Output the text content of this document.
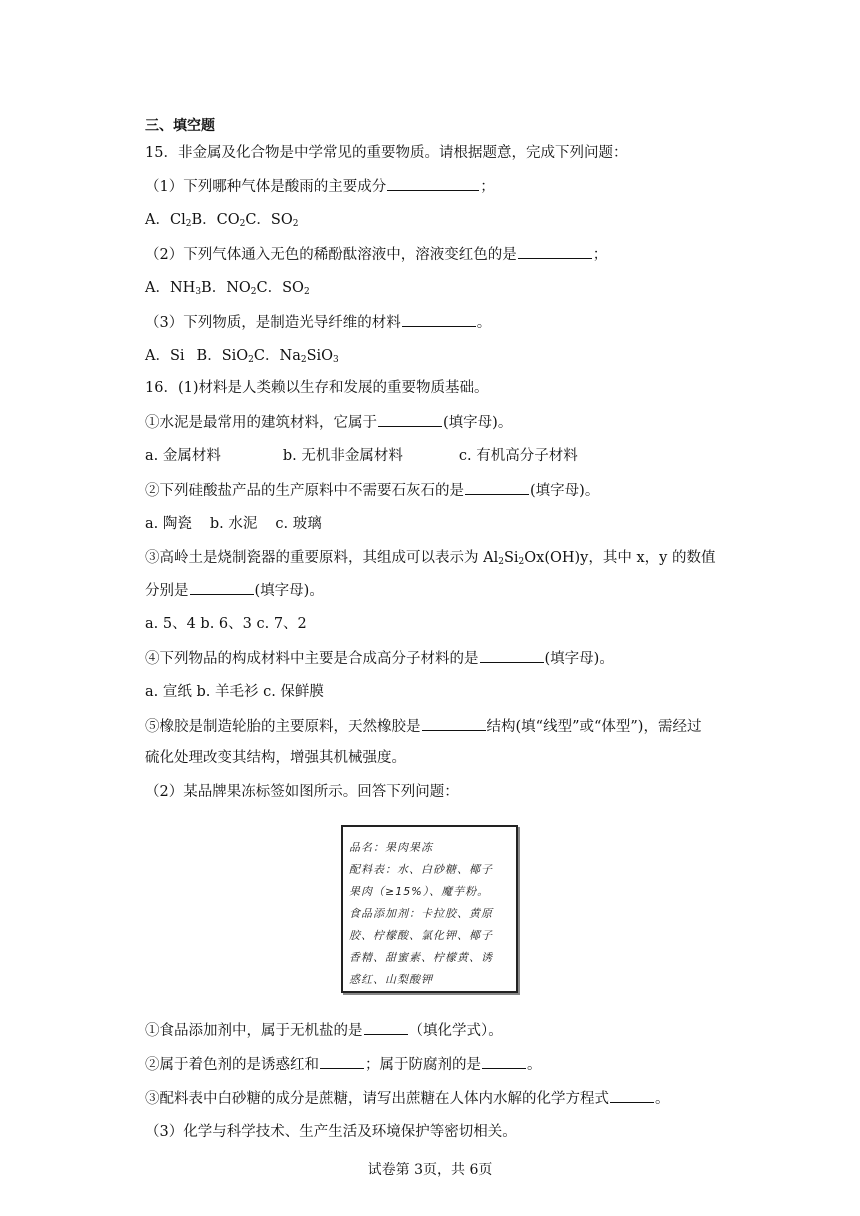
三、填空题
15．非金属及化合物是中学常见的重要物质。请根据题意，完成下列问题：
（1）下列哪种气体是酸雨的主要成分	；
A．$Cl_2B$．$CO_2C$．$SO_2$
（2）下列气体通入无色的稀酚酞溶液中，溶液变红色的是	；
A．$NH_3B$．$NO_2C$．$SO_2$
（3）下列物质，是制造光导纤维的材料	。
A．Si B．SiO$_2$C．$Na_2SiO_3$
16．(1)材料是人类赖以生存和发展的重要物质基础。
①水泥是最常用的建筑材料，它属于	(填字母)。
a. 金属材料	b. 无机非金属材料	c. 有机高分子材料
②下列硅酸盐产品的生产原料中不需要石灰石的是	(填字母)。
a. 陶瓷 b. 水泥 c. 玻璃
③高岭土是烧制瓷器的重要原料，其组成可以表示为 $Al_2Si_2Ox(OH)y$，其中 x，y 的数值
分别是	(填字母)。
a. 5、4 b. 6、3 c. 7、2
④下列物品的构成材料中主要是合成高分子材料的是	(填字母)。
a. 宣纸 b. 羊毛衫 c. 保鲜膜
⑤橡胶是制造轮胎的主要原料，天然橡胶是	结构(填“线型”或“体型”)，需经过
硫化处理改变其结构，增强其机械强度。
（2）某品牌果冻标签如图所示。回答下列问题：
品名：果肉果冻
配料表：水、白砂糖、椰子
果肉（≥15%）、魔芋粉。
食品添加剂：卡拉胶、黄原
胶、柠檬酸、氯化钾、椰子
香精、甜蜜素、柠檬黄、诱
惑红、山梨酸钾
①食品添加剂中，属于无机盐的是	（填化学式）。
②属于着色剂的是诱惑红和	；属于防腐剂的是	。
③配料表中白砂糖的成分是蔗糖，请写出蔗糖在人体内水解的化学方程式	。
（3）化学与科学技术、生产生活及环境保护等密切相关。
试卷第 3页，共 6页
